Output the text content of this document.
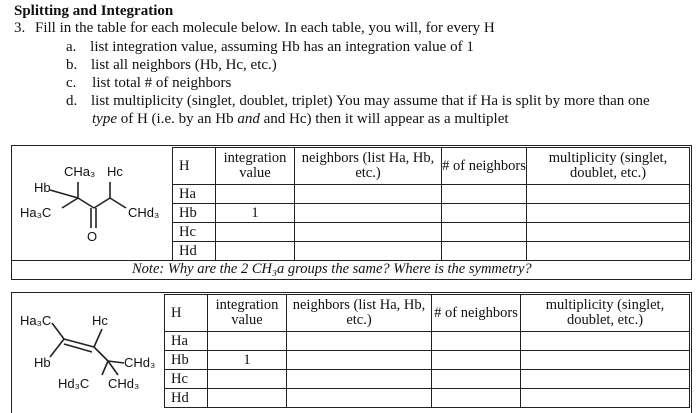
Splitting and Integration
3. Fill in the table for each molecule below. In each table, you will, for every H
a. list integration value, assuming Hb has an integration value of 1
b. list all neighbors (Hb, Hc, etc.)
c. list total # of neighbors
d. list multiplicity (singlet, doublet, triplet) You may assume that if Ha is split by more than one
type of H (i.e. by an Hb and and Hc) then it will appear as a multiplet
CHa₃ Hc
Hb
Ha₃C	CHd₃
O
H	integration value	neighbors (list Ha, Hb, etc.)	# of neighbors	multiplicity (singlet, doublet, etc.)
Ha				
Hb	1			
Hc				
Hd				
Note: Why are the 2 CH₃a groups the same? Where is the symmetry?
Ha₃C	Hc
Hb	CHd₃
Hd₃C CHd₃
H	integration value	neighbors (list Ha, Hb, etc.)	# of neighbors	multiplicity (singlet, doublet, etc.)
Ha				
Hb	1			
Hc				
Hd				
